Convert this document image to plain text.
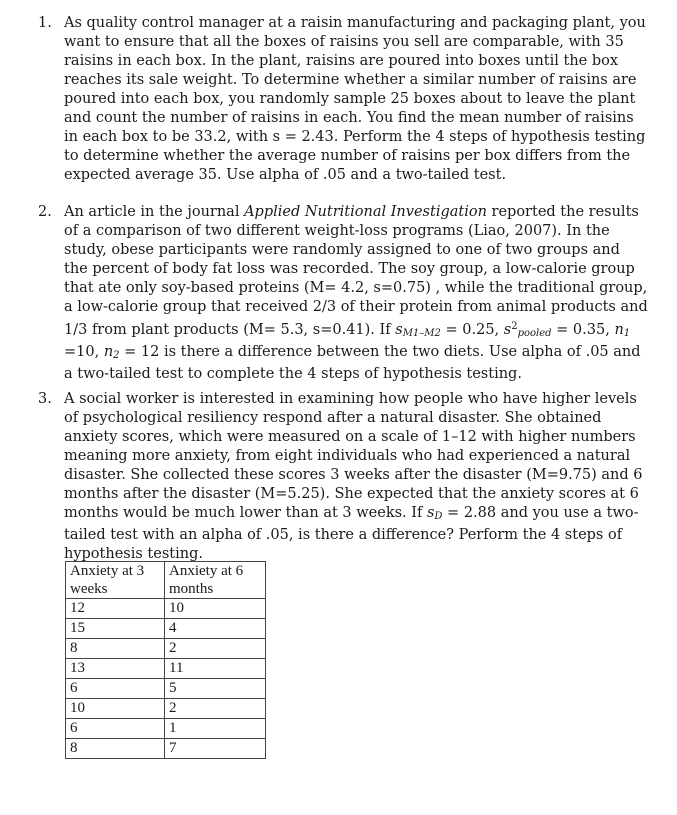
1. As quality control manager at a raisin manufacturing and packaging plant, you want to ensure that all the boxes of raisins you sell are comparable, with 35 raisins in each box. In the plant, raisins are poured into boxes until the box reaches its sale weight. To determine whether a similar number of raisins are poured into each box, you randomly sample 25 boxes about to leave the plant and count the number of raisins in each. You find the mean number of raisins in each box to be 33.2, with s = 2.43. Perform the 4 steps of hypothesis testing to determine whether the average number of raisins per box differs from the expected average 35. Use alpha of .05 and a two-tailed test.
2. An article in the journal Applied Nutritional Investigation reported the results of a comparison of two different weight-loss programs (Liao, 2007). In the study, obese participants were randomly assigned to one of two groups and the percent of body fat loss was recorded. The soy group, a low-calorie group that ate only soy-based proteins (M= 4.2, s=0.75) , while the traditional group, a low-calorie group that received 2/3 of their protein from animal products and 1/3 from plant products (M= 5.3, s=0.41). If $s_{M1-M2} = 0.25$, $s^2_{pooled} = 0.35$, $n_1 =10$, $n_2 = 12$ is there a difference between the two diets. Use alpha of .05 and a two-tailed test to complete the 4 steps of hypothesis testing.
3. A social worker is interested in examining how people who have higher levels of psychological resiliency respond after a natural disaster. She obtained anxiety scores, which were measured on a scale of 1–12 with higher numbers meaning more anxiety, from eight individuals who had experienced a natural disaster. She collected these scores 3 weeks after the disaster (M=9.75) and 6 months after the disaster (M=5.25). She expected that the anxiety scores at 6 months would be much lower than at 3 weeks. If $s_D = 2.88$ and you use a two-tailed test with an alpha of .05, is there a difference? Perform the 4 steps of hypothesis testing.
Anxiety at 3 weeks	Anxiety at 6 months
12	10
15	4
8	2
13	11
6	5
10	2
6	1
8	7
